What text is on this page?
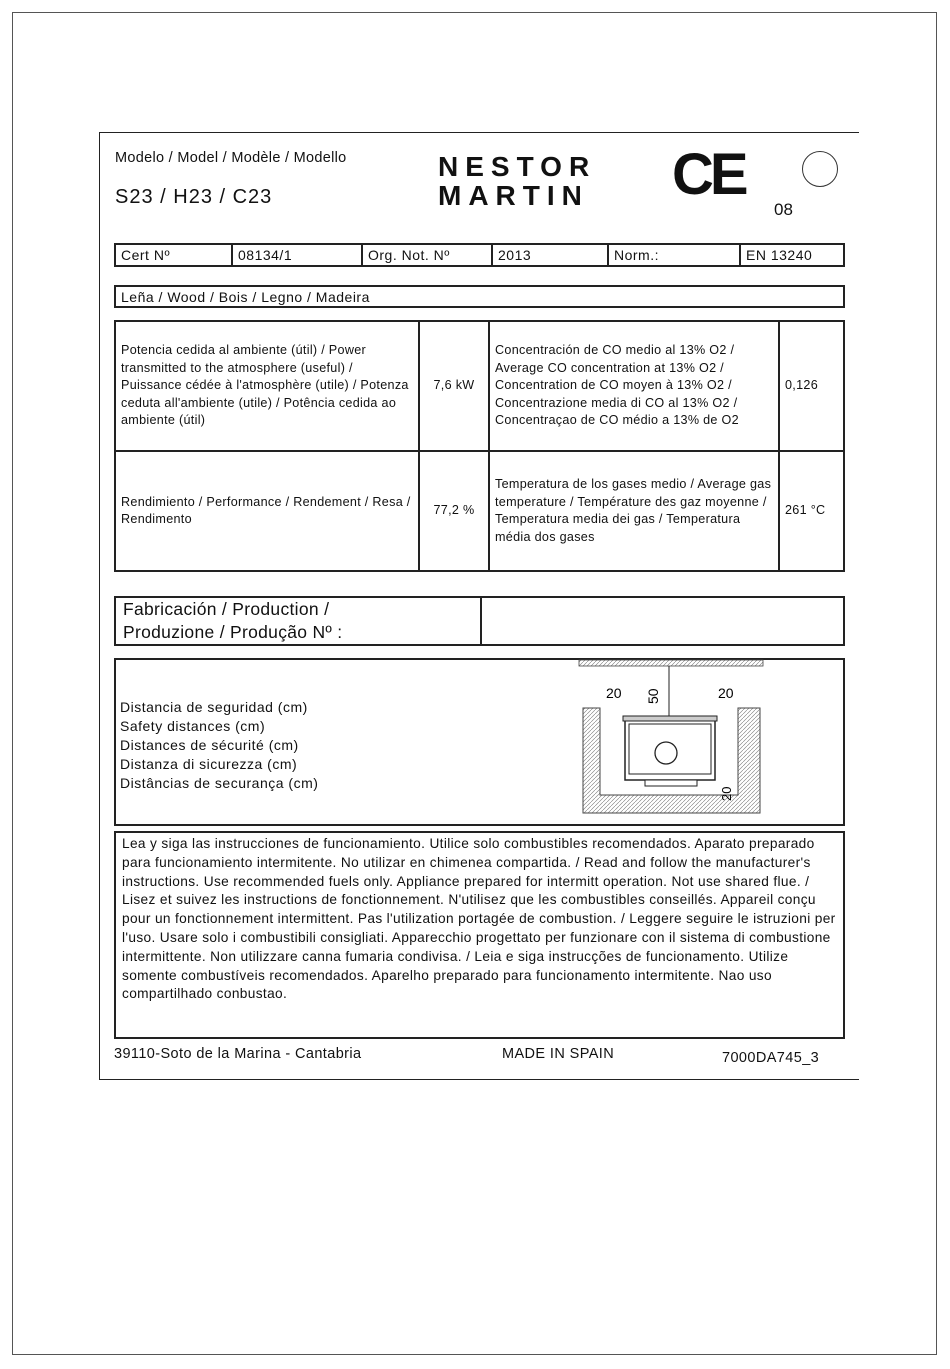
Modelo / Model / Modèle / Modello
S23 / H23 / C23
NESTOR
MARTIN CE
08
Cert Nº	08134/1	Org. Not. Nº	2013	Norm.:	EN 13240
Leña / Wood / Bois / Legno / Madeira
Potencia cedida al ambiente (útil) / Power transmitted to the atmosphere (useful) / Puissance cédée à l'atmosphère (utile) / Potenza ceduta all'ambiente (utile) / Potência cedida ao ambiente (útil)	7,6 kW	Concentración de CO medio al 13% O2 / Average CO concentration at 13% O2 / Concentration de CO moyen à 13% O2 / Concentrazione media di CO al 13% O2 / Concentraçao de CO médio a 13% de O2	0,126
Rendimiento / Performance / Rendement / Resa / Rendimento	77,2 %	Temperatura de los gases medio / Average gas temperature / Température des gaz moyenne / Temperatura media dei gas / Temperatura média dos gases	261 °C
Fabricación / Production /
Produzione / Produção Nº :

Distancia de seguridad (cm)
Safety distances (cm)
Distances de sécurité (cm)
Distanza di sicurezza (cm)
Distâncias de securança (cm)
20 50	20
20
Lea y siga las instrucciones de funcionamiento. Utilice solo combustibles recomendados. Aparato preparado para funcionamiento intermitente. No utilizar en chimenea compartida. / Read and follow the manufacturer's instructions. Use recommended fuels only. Appliance prepared for intermitt operation. Not use shared flue. / Lisez et suivez les instructions de fonctionnement. N'utilisez que les combustibles conseillés. Appareil conçu pour un fonctionnement intermittent. Pas l'utilization portagée de combustion. / Leggere seguire le istruzioni per l'uso. Usare solo i combustibili consigliati. Apparecchio progettato per funzionare con il sistema di combustione intermittente. Non utilizzare canna fumaria condivisa. / Leia e siga instrucções de funcionamento. Utilize somente combustíveis recomendados. Aparelho preparado para funcionamento intermitente. Nao uso compartilhado conbustao.
39110-Soto de la Marina - Cantabria	MADE IN SPAIN	7000DA745_3
